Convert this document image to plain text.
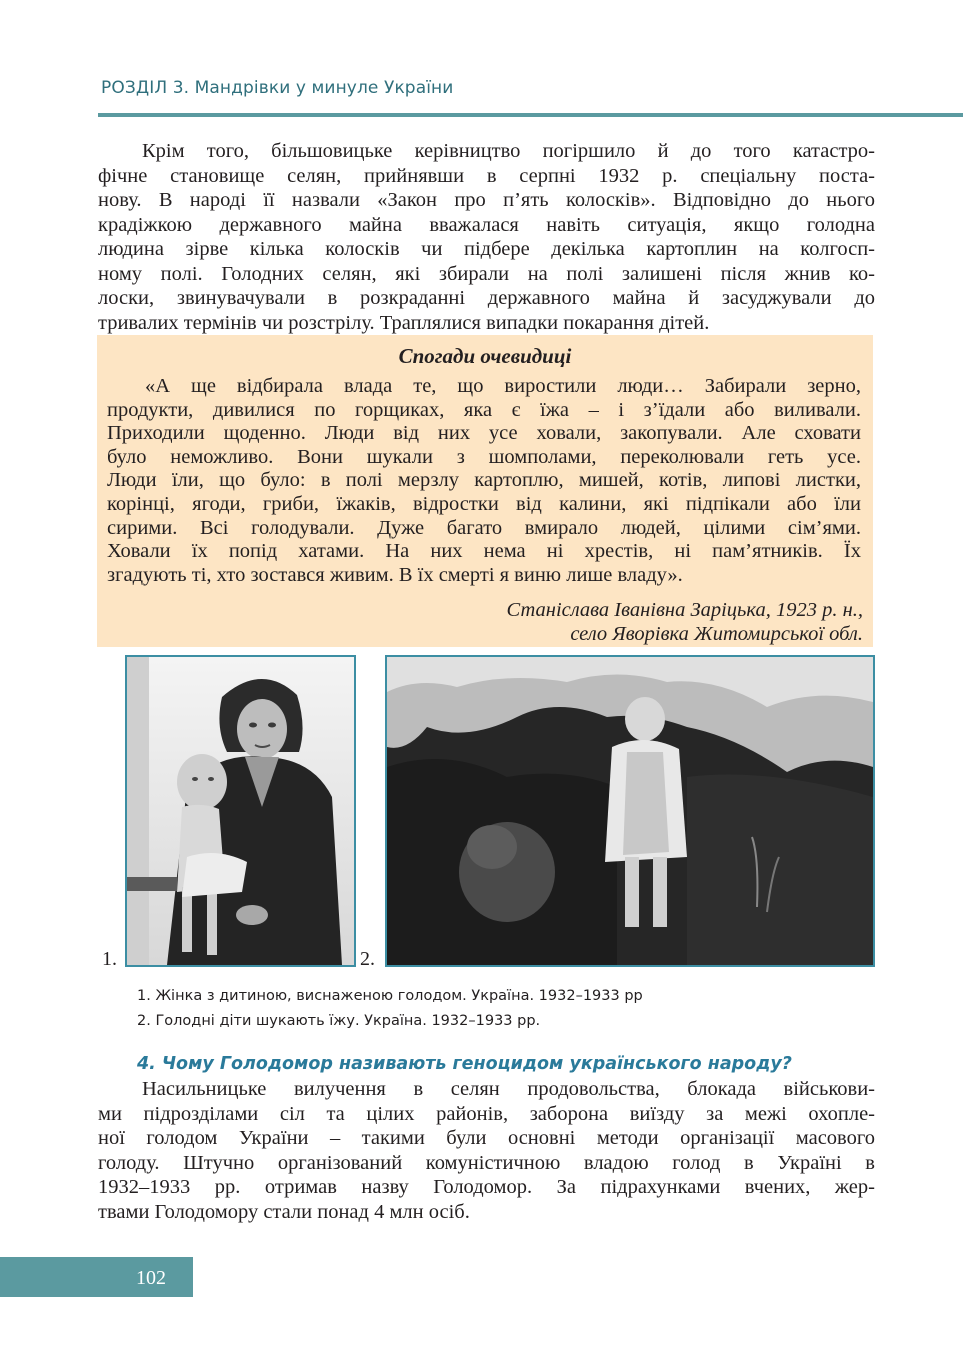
РОЗДІЛ 3. Мандрівки у минуле України
Крім того, більшовицьке керівництво погіршило й до того катастро-
фічне становище селян, прийнявши в серпні 1932 р. спеціальну поста-
нову. В народі її назвали «Закон про п’ять колосків». Відповідно до нього
крадіжкою державного майна вважалася навіть ситуація, якщо голодна
людина зірве кілька колосків чи підбере декілька картоплин на колгосп-
ному полі. Голодних селян, які збирали на полі залишені після жнив ко-
лоски, звинувачували в розкраданні державного майна й засуджували до
тривалих термінів чи розстрілу. Траплялися випадки покарання дітей.
Спогади очевидиці
«А ще відбирала влада те, що виростили люди… Забирали зерно,
продукти, дивилися по горщиках, яка є їжа – і з’їдали або виливали.
Приходили щоденно. Люди від них усе ховали, закопували. Але сховати
було неможливо. Вони шукали з шомполами, переколювали геть усе.
Люди їли, що було: в полі мерзлу картоплю, мишей, котів, липові листки,
корінці, ягоди, гриби, їжаків, відростки від калини, які підпікали або їли
сирими. Всі голодували. Дуже багато вмирало людей, цілими сім’ями.
Ховали їх попід хатами. На них нема ні хрестів, ні пам’ятників. Їх
згадують ті, хто зостався живим. В їх смерті я виню лише владу».
Станіслава Іванівна Заріцька, 1923 р. н.,
село Яворівка Житомирської обл.
1.	2.
1. Жінка з дитиною, виснаженою голодом. Україна. 1932–1933 рр
2. Голодні діти шукають їжу. Україна. 1932–1933 рр.
4. Чому Голодомор називають геноцидом українського народу?
Насильницьке вилучення в селян продовольства, блокада військови-
ми підрозділами сіл та цілих районів, заборона виїзду за межі охопле-
ної голодом України – такими були основні методи організації масового
голоду. Штучно організований комуністичною владою голод в Україні в
1932–1933 рр. отримав назву Голодомор. За підрахунками вчених, жер-
твами Голодомору стали понад 4 млн осіб.
102
